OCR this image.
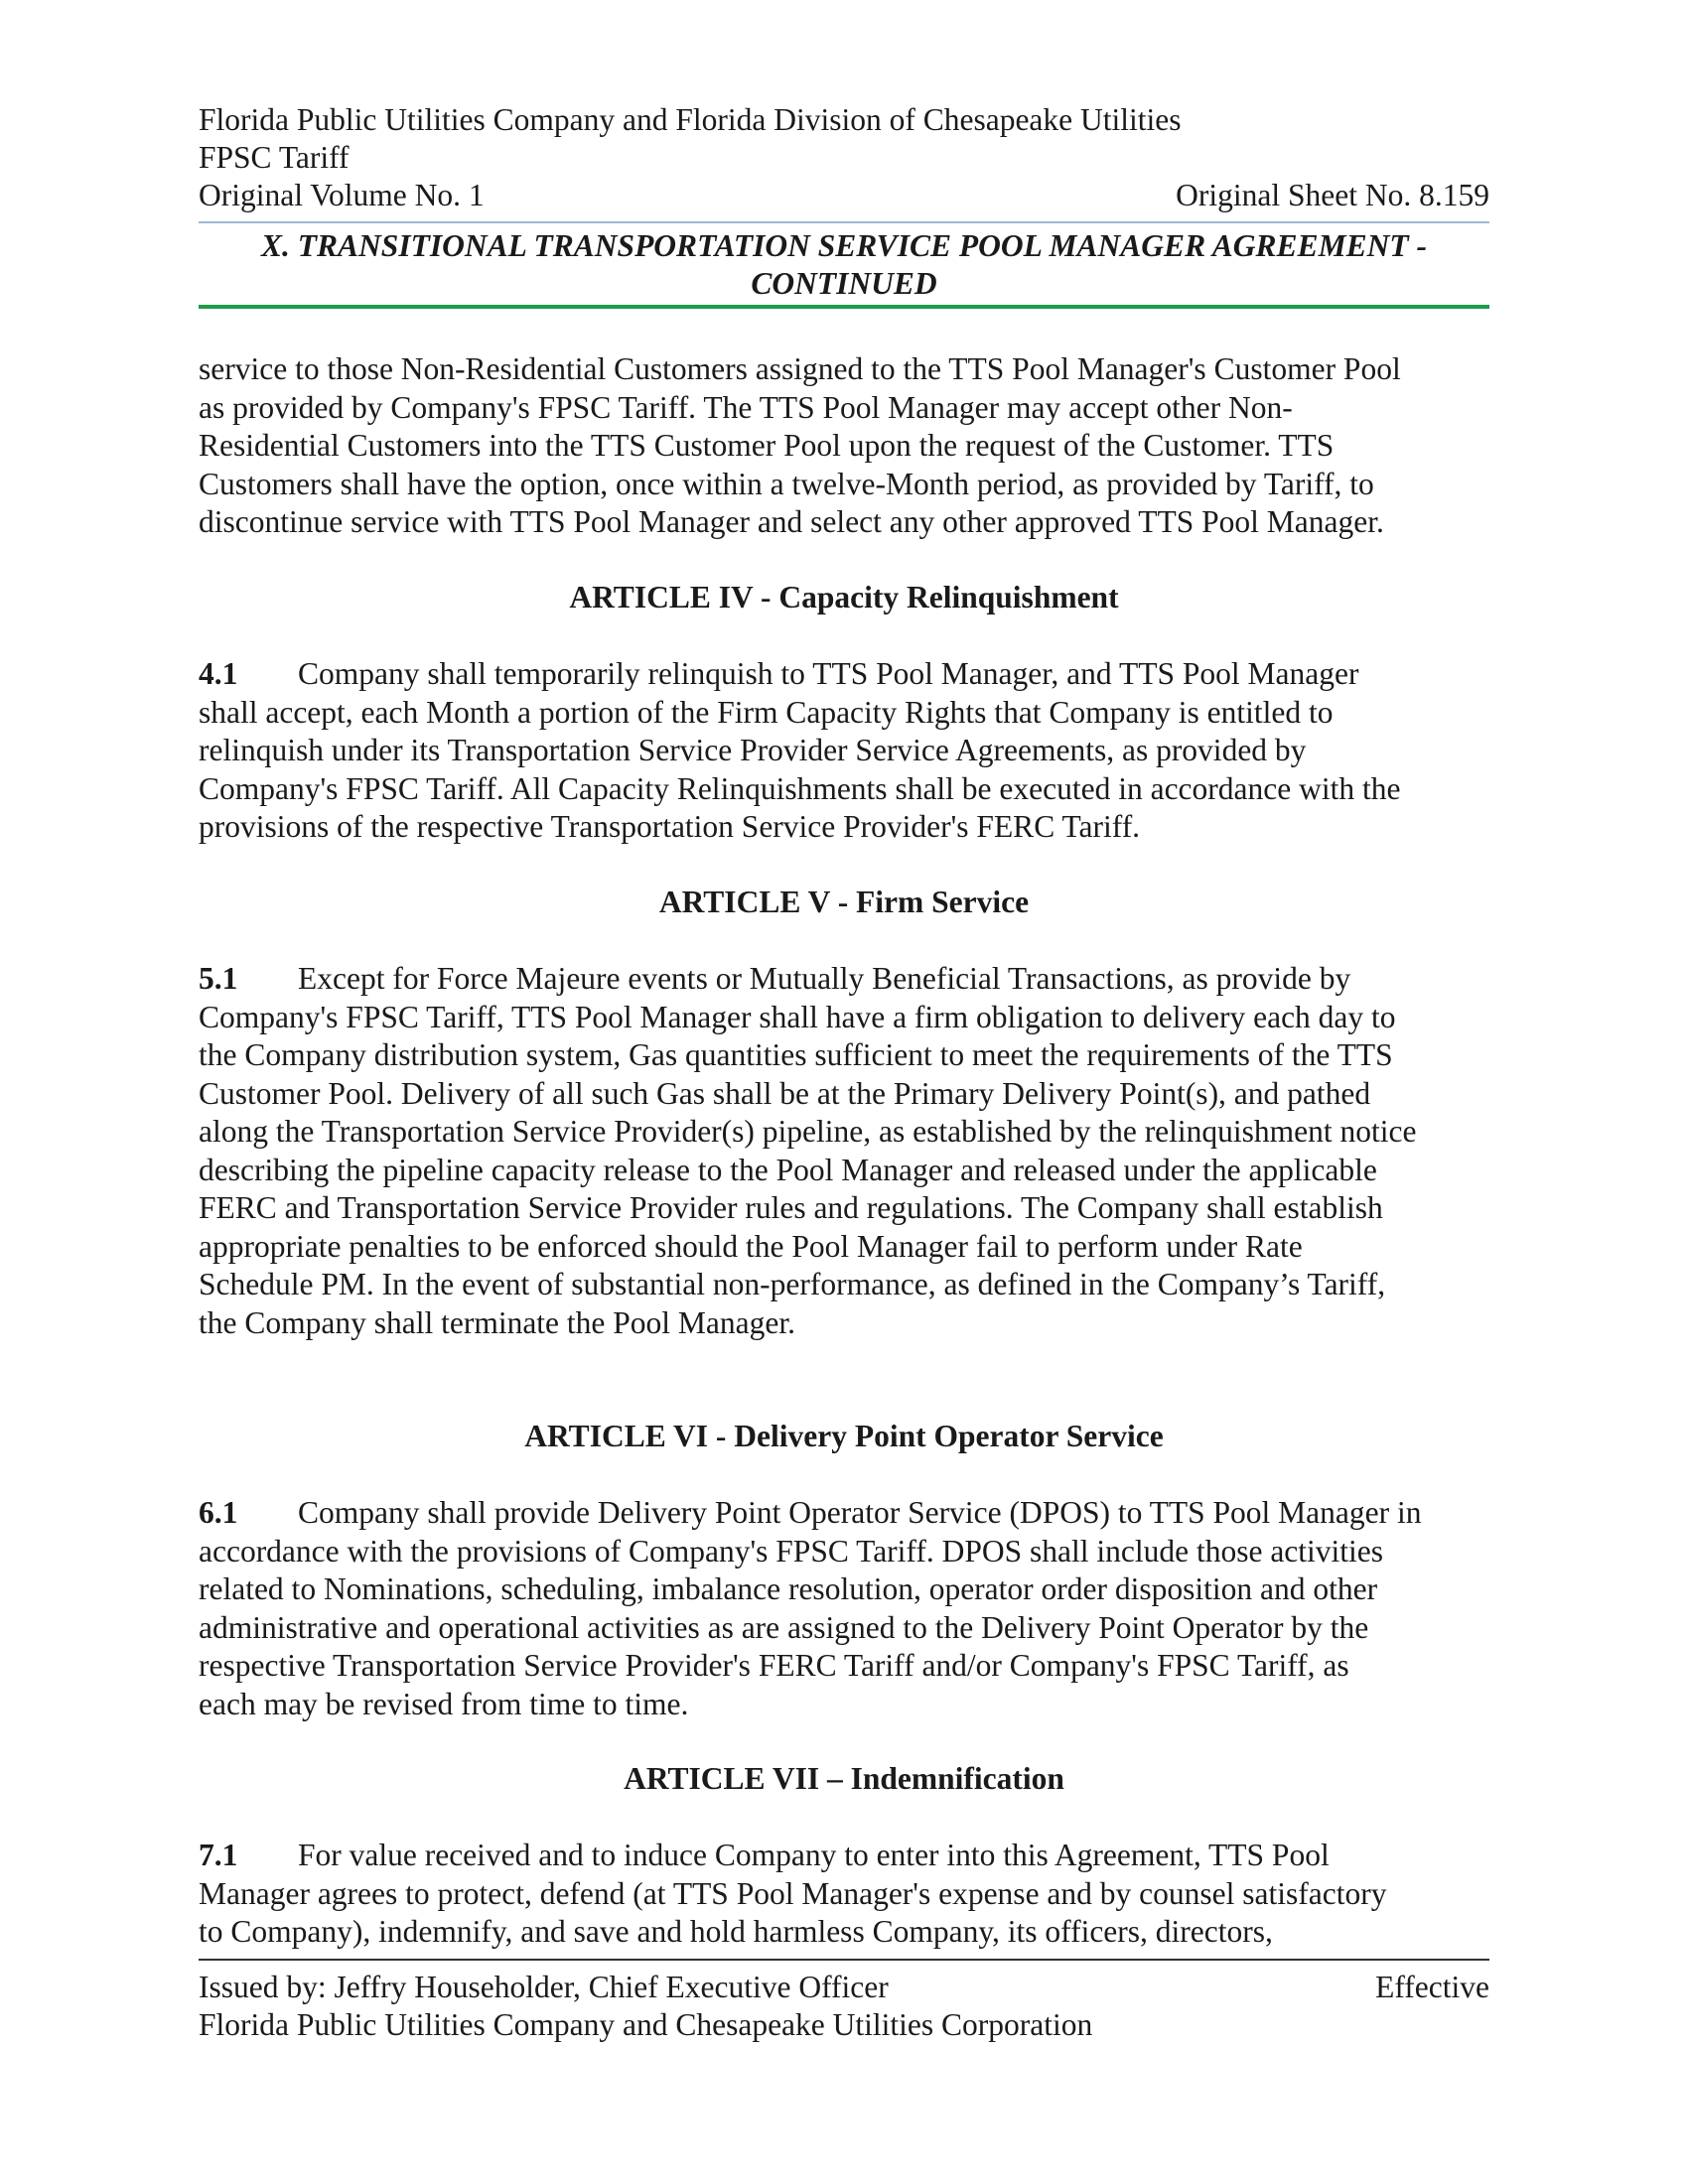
Florida Public Utilities Company and Florida Division of Chesapeake Utilities
FPSC Tariff
Original Volume No. 1	Original Sheet No. 8.159
X. TRANSITIONAL TRANSPORTATION SERVICE POOL MANAGER AGREEMENT -
CONTINUED

service to those Non-Residential Customers assigned to the TTS Pool Manager's Customer Pool

as provided by Company's FPSC Tariff. The TTS Pool Manager may accept other Non-

Residential Customers into the TTS Customer Pool upon the request of the Customer. TTS

Customers shall have the option, once within a twelve-Month period, as provided by Tariff, to

discontinue service with TTS Pool Manager and select any other approved TTS Pool Manager.

ARTICLE IV - Capacity Relinquishment

4.1 Company shall temporarily relinquish to TTS Pool Manager, and TTS Pool Manager

shall accept, each Month a portion of the Firm Capacity Rights that Company is entitled to

relinquish under its Transportation Service Provider Service Agreements, as provided by

Company's FPSC Tariff. All Capacity Relinquishments shall be executed in accordance with the

provisions of the respective Transportation Service Provider's FERC Tariff.

ARTICLE V - Firm Service

5.1 Except for Force Majeure events or Mutually Beneficial Transactions, as provide by

Company's FPSC Tariff, TTS Pool Manager shall have a firm obligation to delivery each day to

the Company distribution system, Gas quantities sufficient to meet the requirements of the TTS

Customer Pool. Delivery of all such Gas shall be at the Primary Delivery Point(s), and pathed

along the Transportation Service Provider(s) pipeline, as established by the relinquishment notice

describing the pipeline capacity release to the Pool Manager and released under the applicable

FERC and Transportation Service Provider rules and regulations. The Company shall establish

appropriate penalties to be enforced should the Pool Manager fail to perform under Rate

Schedule PM. In the event of substantial non-performance, as defined in the Company’s Tariff,

the Company shall terminate the Pool Manager.

ARTICLE VI - Delivery Point Operator Service

6.1 Company shall provide Delivery Point Operator Service (DPOS) to TTS Pool Manager in

accordance with the provisions of Company's FPSC Tariff. DPOS shall include those activities

related to Nominations, scheduling, imbalance resolution, operator order disposition and other

administrative and operational activities as are assigned to the Delivery Point Operator by the

respective Transportation Service Provider's FERC Tariff and/or Company's FPSC Tariff, as

each may be revised from time to time.

ARTICLE VII – Indemnification

7.1 For value received and to induce Company to enter into this Agreement, TTS Pool

Manager agrees to protect, defend (at TTS Pool Manager's expense and by counsel satisfactory

to Company), indemnify, and save and hold harmless Company, its officers, directors,

Issued by: Jeffry Householder, Chief Executive Officer	Effective
Florida Public Utilities Company and Chesapeake Utilities Corporation
